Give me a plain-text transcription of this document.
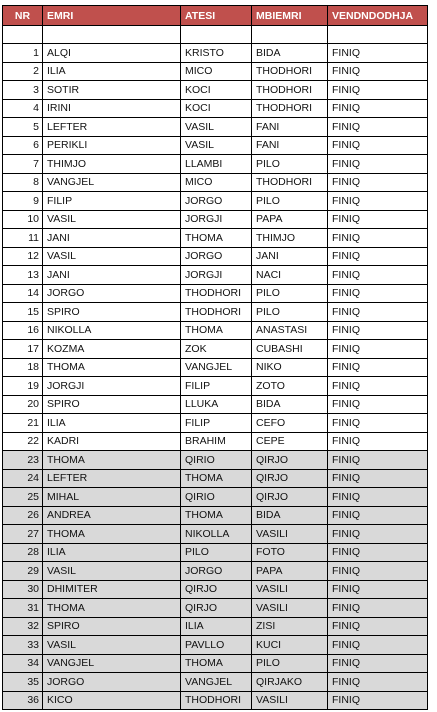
NR	EMRI	ATESI	MBIEMRI	VENDNDODHJA

1	ALQI	KRISTO	BIDA	FINIQ
2	ILIA	MICO	THODHORI	FINIQ
3	SOTIR	KOCI	THODHORI	FINIQ
4	IRINI	KOCI	THODHORI	FINIQ
5	LEFTER	VASIL	FANI	FINIQ
6	PERIKLI	VASIL	FANI	FINIQ
7	THIMJO	LLAMBI	PILO	FINIQ
8	VANGJEL	MICO	THODHORI	FINIQ
9	FILIP	JORGO	PILO	FINIQ
10	VASIL	JORGJI	PAPA	FINIQ
11	JANI	THOMA	THIMJO	FINIQ
12	VASIL	JORGO	JANI	FINIQ
13	JANI	JORGJI	NACI	FINIQ
14	JORGO	THODHORI	PILO	FINIQ
15	SPIRO	THODHORI	PILO	FINIQ
16	NIKOLLA	THOMA	ANASTASI	FINIQ
17	KOZMA	ZOK	CUBASHI	FINIQ
18	THOMA	VANGJEL	NIKO	FINIQ
19	JORGJI	FILIP	ZOTO	FINIQ
20	SPIRO	LLUKA	BIDA	FINIQ
21	ILIA	FILIP	CEFO	FINIQ
22	KADRI	BRAHIM	CEPE	FINIQ
23	THOMA	QIRIO	QIRJO	FINIQ
24	LEFTER	THOMA	QIRJO	FINIQ
25	MIHAL	QIRIO	QIRJO	FINIQ
26	ANDREA	THOMA	BIDA	FINIQ
27	THOMA	NIKOLLA	VASILI	FINIQ
28	ILIA	PILO	FOTO	FINIQ
29	VASIL	JORGO	PAPA	FINIQ
30	DHIMITER	QIRJO	VASILI	FINIQ
31	THOMA	QIRJO	VASILI	FINIQ
32	SPIRO	ILIA	ZISI	FINIQ
33	VASIL	PAVLLO	KUCI	FINIQ
34	VANGJEL	THOMA	PILO	FINIQ
35	JORGO	VANGJEL	QIRJAKO	FINIQ
36	KICO	THODHORI	VASILI	FINIQ
